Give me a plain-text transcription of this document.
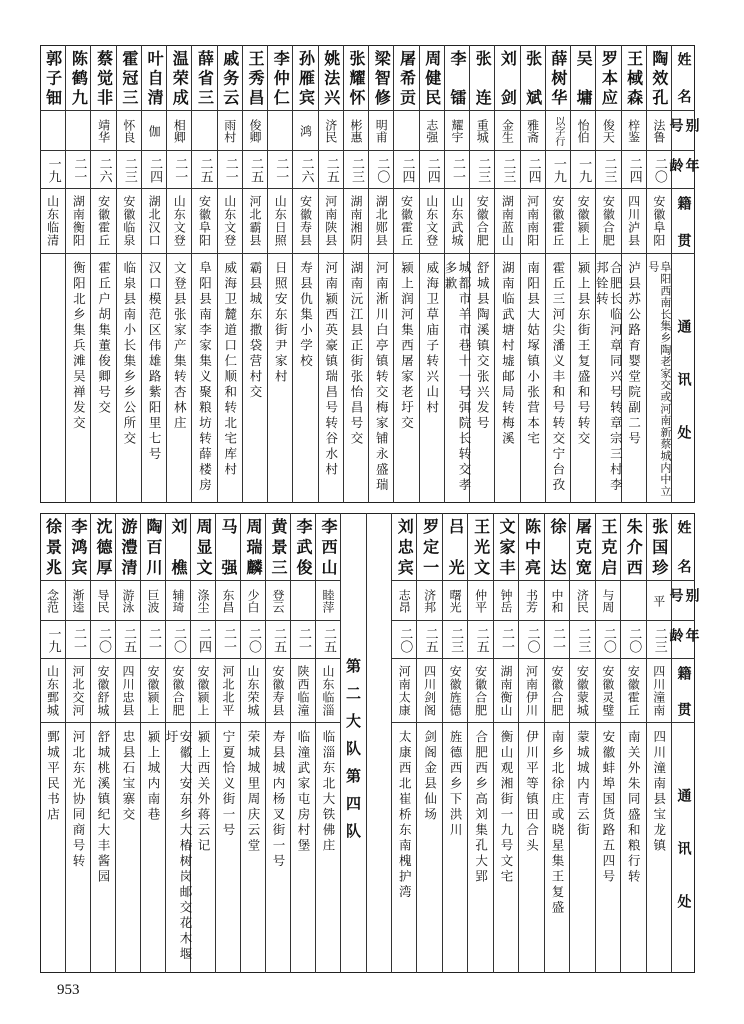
姓名
别号
年龄
籍贯
通讯处
陶效孔
法鲁
二〇
安徽阜阳
阜阳西南长集乡陶老家交或河南新蔡城内中立号
王棫森
梓鉴
二四
四川泸县
泸县苏公路育婴堂院副二号
罗本应
俊天
二三
安徽合肥
合肥长临河章同兴号转章宗三村李邦铨转
吴墉
怡伯
一九
安徽颍上
颍上县东街王复盛和号转交
薛树华
以字行
一九
安徽霍丘
霍丘三河尖潘义丰和号转交宁台孜
张斌
雅斋
二四
河南南阳
南阳县大姑塚镇小张营本宅
刘剑
金生
二三
湖南蓝山
湖南临武塘村墟邮局转梅溪
张连
重城
二三
安徽合肥
舒城县陶溪镇交张兴发号
李镭
耀宇
二一
山东武城
城都市羊市巷十一号弭院长转交孝多歉
周健民
志强
二四
山东文登
威海卫草庙子转兴山村
屠希贡
二四
安徽霍丘
颍上润河集西屠家老圩交
梁智修
明甫
二〇
湖北郧县
河南淅川白亭镇转交梅家铺永盛瑞
张耀怀
彬惠
二三
湖南湘阴
湖南沅江县正街张怡昌号交
姚法兴
济民
二五
河南陕县
河南颍西英豪镇瑞昌号转谷水村
孙雁宾
鸿
二六
安徽寿县
寿县仇集小学校
李仲仁
二一
山东日照
日照安东街尹家村
王秀昌
俊卿
二五
河北霸县
霸县城东撒袋营村交
戚务云
雨村
二一
山东文登
威海卫麓道口仁顺和转北宅库村
薛省三
二五
安徽阜阳
阜阳县南李家集义聚粮坊转薛楼房
温荣成
相卿
二一
山东文登
文登县张家产集转杏林庄
叶自清
伽
二四
湖北汉口
汉口模范区伟雄路紫阳里七号
霍冠三
怀良
二三
安徽临泉
临泉县南小长集乡乡公所交
蔡觉非
靖华
二六
安徽霍丘
霍丘户胡集董俊卿号交
陈鹤九
二一
湖南衡阳
衡阳北乡集兵滩吴禅发交
郭子钿
一九
山东临清
姓名
别号
年龄
籍贯
通讯处
张国珍
平
二三
四川潼南
四川潼南县宝龙镇
朱介西
二〇
安徽霍丘
南关外朱同盛和粮行转
王克启
与周
二〇
安徽灵璧
安徽蚌埠国货路五四号
屠克宽
济民
二三
安徽蒙城
蒙城城内青云街
徐达
中和
二一
安徽合肥
南乡北徐庄或晓星集王复盛
陈中亮
书芳
二〇
河南伊川
伊川平等镇田合头
文家丰
钟岳
二一
湖南衡山
衡山观湘街一九号文宅
王光文
仲平
二五
安徽合肥
合肥西乡高刘集孔大郢
吕光
曙光
二三
安徽旌德
旌德西乡下洪川
罗定一
济邦
二五
四川剑阁
剑阁金县仙场
刘忠宾
志昂
二〇
河南太康
太康西北崔桥东南槐护湾
第二大队第四队
李西山
睦萍
二五
山东临淄
临淄东北大铁佛庄
李武俊
二一
陕西临潼
临潼武家屯房村堡
黄景三
登云
二五
安徽寿县
寿县城内杨叉街一号
周瑞麟
少白
二〇
山东荣城
荣城城里周庆云堂
马强
东昌
二一
河北北平
宁夏恰义街一号
周显文
涤尘
二四
安徽颍上
颍上西关外蒋云记
刘樵
辅琦
二〇
安徽合肥
安徽大安东乡大椿树岗邮交花木堰圩
陶百川
巨波
二一
安徽颍上
颍上城内南巷
游澧清
游泳
二五
四川忠县
忠县石宝寨交
沈德厚
导民
二〇
安徽舒城
舒城桃溪镇纪大丰酱园
李鸿宾
渐逵
二一
河北交河
河北东光协同商号转
徐景兆
念范
一九
山东鄄城
鄄城平民书店
953
